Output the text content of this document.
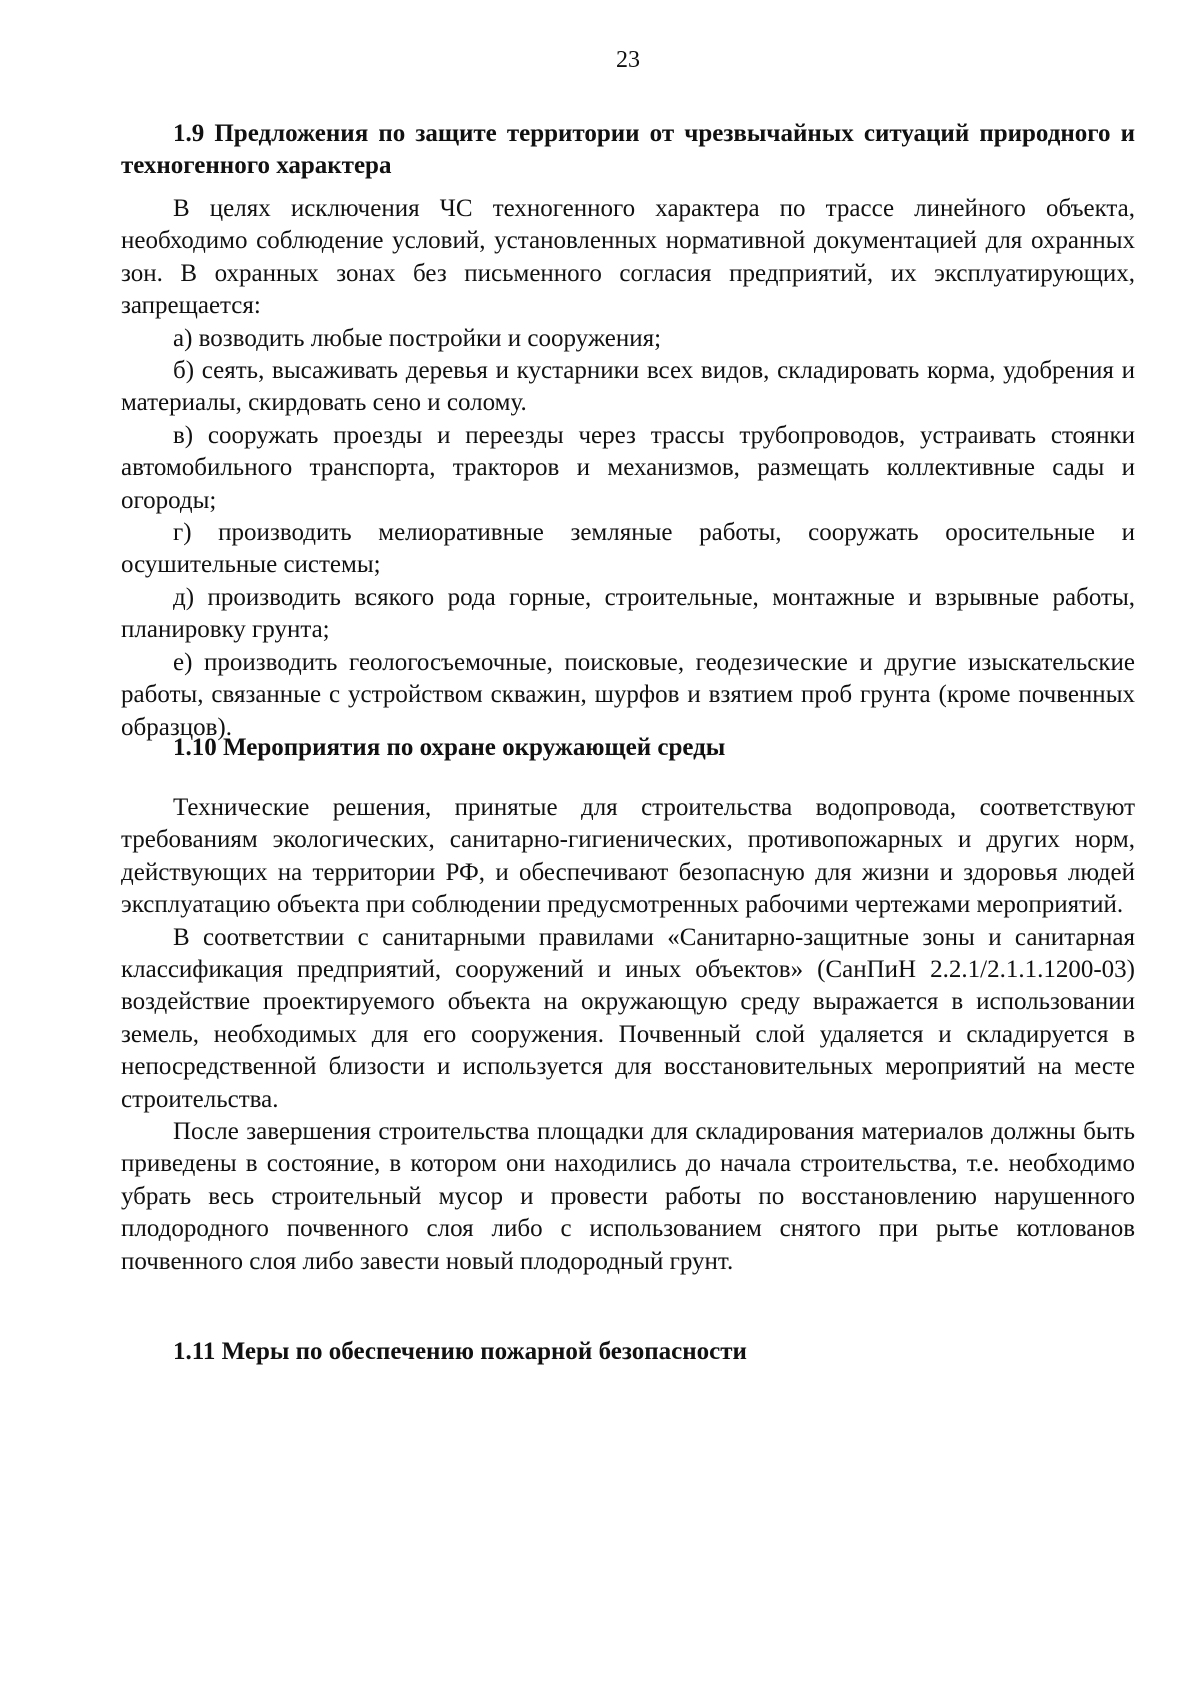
23

1.9 Предложения по защите территории от чрезвычайных ситуаций природного и техногенного характера

В целях исключения ЧС техногенного характера по трассе линейного объекта, необходимо соблюдение условий, установленных нормативной документацией для охранных зон. В охранных зонах без письменного согласия предприятий, их эксплуатирующих, запрещается:

а) возводить любые постройки и сооружения;

б) сеять, высаживать деревья и кустарники всех видов, складировать корма, удобрения и материалы, скирдовать сено и солому.

в) сооружать проезды и переезды через трассы трубопроводов, устраивать стоянки автомобильного транспорта, тракторов и механизмов, размещать коллективные сады и огороды;

г) производить мелиоративные земляные работы, сооружать оросительные и осушительные системы;

д) производить всякого рода горные, строительные, монтажные и взрывные работы, планировку грунта;

е) производить геологосъемочные, поисковые, геодезические и другие изыскательские работы, связанные с устройством скважин, шурфов и взятием проб грунта (кроме почвенных образцов).

1.10 Мероприятия по охране окружающей среды

Технические решения, принятые для строительства водопровода, соответствуют требованиям экологических, санитарно-гигиенических, противопожарных и других норм, действующих на территории РФ, и обеспечивают безопасную для жизни и здоровья людей эксплуатацию объекта при соблюдении предусмотренных рабочими чертежами мероприятий.

В соответствии с санитарными правилами «Санитарно-защитные зоны и санитарная классификация предприятий, сооружений и иных объектов» (СанПиН 2.2.1/2.1.1.1200-03) воздействие проектируемого объекта на окружающую среду выражается в использовании земель, необходимых для его сооружения. Почвенный слой удаляется и складируется в непосредственной близости и используется для восстановительных мероприятий на месте строительства.

После завершения строительства площадки для складирования материалов должны быть приведены в состояние, в котором они находились до начала строительства, т.е. необходимо убрать весь строительный мусор и провести работы по восстановлению нарушенного плодородного почвенного слоя либо с использованием снятого при рытье котлованов почвенного слоя либо завести новый плодородный грунт.

1.11 Меры по обеспечению пожарной безопасности
